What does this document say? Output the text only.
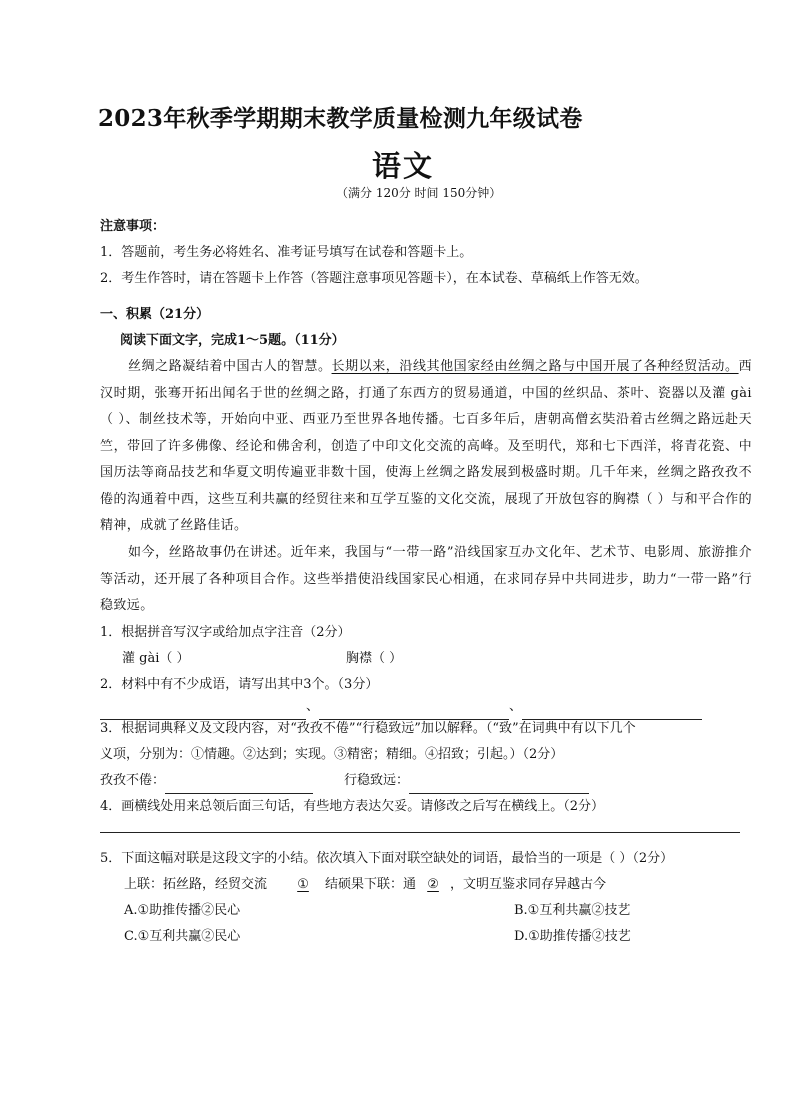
2023年秋季学期期末教学质量检测九年级试卷
语文
（满分 120分 时间 150分钟）
注意事项：
1．答题前，考生务必将姓名、准考证号填写在试卷和答题卡上。
2．考生作答时，请在答题卡上作答（答题注意事项见答题卡），在本试卷、草稿纸上作答无效。
一、积累（21分）
阅读下面文字，完成1～5题。（11分）
丝绸之路凝结着中国古人的智慧。长期以来，沿线其他国家经由丝绸之路与中国开展了各种经贸活动。西汉时期，张骞开拓出闻名于世的丝绸之路，打通了东西方的贸易通道，中国的丝织品、茶叶、瓷器以及灌 gài（ ）、制丝技术等，开始向中亚、西亚乃至世界各地传播。七百多年后，唐朝高僧玄奘沿着古丝绸之路远赴天竺，带回了许多佛像、经论和佛舍利，创造了中印文化交流的高峰。及至明代，郑和七下西洋，将青花瓷、中国历法等商品技艺和华夏文明传遍亚非数十国，使海上丝绸之路发展到极盛时期。几千年来，丝绸之路孜孜不倦的沟通着中西，这些互利共赢的经贸往来和互学互鉴的文化交流，展现了开放包容的胸襟（ ）与和平合作的精神，成就了丝路佳话。
如今，丝路故事仍在讲述。近年来，我国与“一带一路”沿线国家互办文化年、艺术节、电影周、旅游推介等活动，还开展了各种项目合作。这些举措使沿线国家民心相通，在求同存异中共同进步，助力“一带一路”行稳致远。
1．根据拼音写汉字或给加点字注音（2分）
灌 gài（ ）	胸襟（ ）
2．材料中有不少成语，请写出其中3个。（3分）
、	、
3．根据词典释义及文段内容，对“孜孜不倦”“行稳致远”加以解释。（“致”在词典中有以下几个
义项，分别为：①情趣。②达到；实现。③精密；精细。④招致；引起。）（2分）
孜孜不倦：	行稳致远：
4．画横线处用来总领后面三句话，有些地方表达欠妥。请修改之后写在横线上。（2分）
5．下面这幅对联是这段文字的小结。依次填入下面对联空缺处的词语，最恰当的一项是（ ）（2分）
上联：拓丝路，经贸交流 ① 结硕果下联：通 ② ，文明互鉴求同存异越古今
A.①助推传播②民心	B.①互利共赢②技艺
C.①互利共赢②民心	D.①助推传播②技艺
